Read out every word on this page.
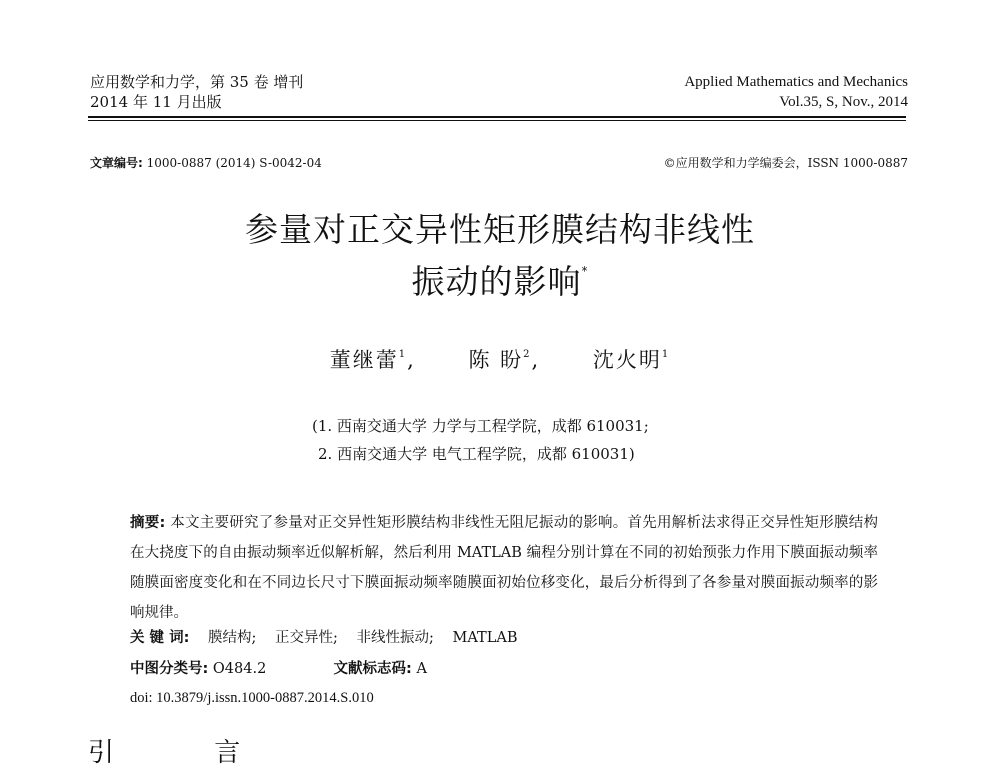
应用数学和力学，第 35 卷 增刊
2014 年 11 月出版
Applied Mathematics and Mechanics
Vol.35, S, Nov., 2014
文章编号: 1000-0887 (2014) S-0042-04	©应用数学和力学编委会，ISSN 1000-0887
参量对正交异性矩形膜结构非线性
振动的影响*
董继蕾$^1$,	陈 盼$^2$,	沈火明$^1$
(1. 西南交通大学 力学与工程学院，成都 610031;
2. 西南交通大学 电气工程学院，成都 610031)
摘要: 本文主要研究了参量对正交异性矩形膜结构非线性无阻尼振动的影响。首先用解析法求得正交异性矩形膜结构在大挠度下的自由振动频率近似解析解，然后利用 MATLAB 编程分别计算在不同的初始预张力作用下膜面振动频率随膜面密度变化和在不同边长尺寸下膜面振动频率随膜面初始位移变化，最后分析得到了各参量对膜面振动频率的影响规律。
关 键 词: 膜结构; 正交异性; 非线性振动; MATLAB
中图分类号: O484.2	文献标志码: A
doi: 10.3879/j.issn.1000-0887.2014.S.010
引 言
